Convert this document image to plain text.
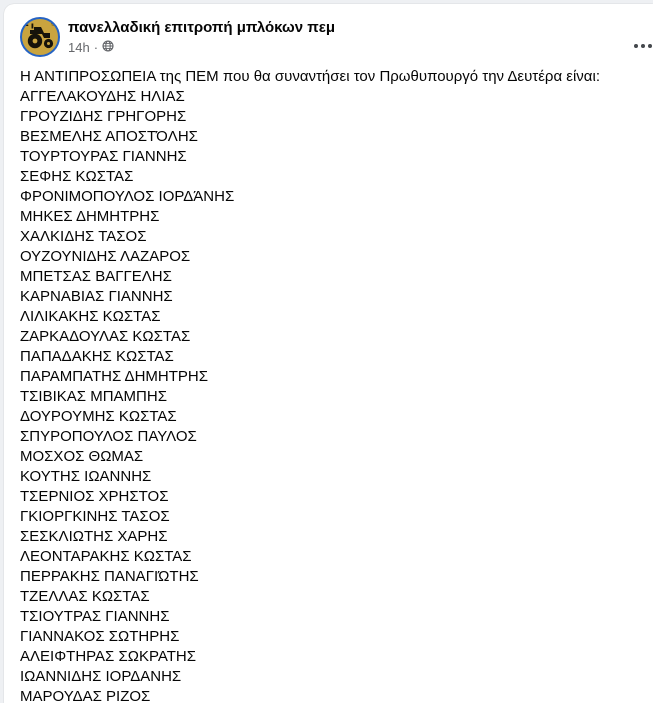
πανελλαδική επιτροπή μπλόκων πεμ
14h ·
Η ΑΝΤΙΠΡΟΣΩΠΕΙΑ της ΠΕΜ που θα συναντήσει τον Πρωθυπουργό την Δευτέρα είναι:
ΑΓΓΕΛΑΚΟΥΔΗΣ ΗΛΙΑΣ
ΓΡΟΥΖΙΔΗΣ ΓΡΗΓΟΡΗΣ
ΒΕΣΜΕΛΗΣ ΑΠΟΣΤΌΛΗΣ
ΤΟΥΡΤΟΥΡΑΣ ΓΙΑΝΝΗΣ
ΣΕΦΗΣ ΚΩΣΤΑΣ
ΦΡΟΝΙΜΟΠΟΥΛΟΣ ΙΟΡΔΆΝΗΣ
ΜΗΚΕΣ ΔΗΜΗΤΡΗΣ
ΧΑΛΚΙΔΗΣ ΤΑΣΟΣ
ΟΥΖΟΥΝΙΔΗΣ ΛΑΖΑΡΟΣ
ΜΠΕΤΣΑΣ ΒΑΓΓΕΛΗΣ
ΚΑΡΝΑΒΙΑΣ ΓΙΑΝΝΗΣ
ΛΙΛΙΚΑΚΗΣ ΚΩΣΤΑΣ
ΖΑΡΚΑΔΟΥΛΑΣ ΚΩΣΤΑΣ
ΠΑΠΑΔΑΚΗΣ ΚΩΣΤΑΣ
ΠΑΡΑΜΠΑΤΗΣ ΔΗΜΗΤΡΗΣ
ΤΣΙΒΙΚΑΣ ΜΠΑΜΠΗΣ
ΔΟΥΡΟΥΜΗΣ ΚΩΣΤΑΣ
ΣΠΥΡΟΠΟΥΛΟΣ ΠΑΥΛΟΣ
ΜΟΣΧΟΣ ΘΩΜΑΣ
ΚΟΥΤΗΣ ΙΩΑΝΝΗΣ
ΤΣΕΡΝΙΟΣ ΧΡΗΣΤΟΣ
ΓΚΙΟΡΓΚΙΝΗΣ ΤΑΣΟΣ
ΣΕΣΚΛΙΩΤΗΣ ΧΑΡΗΣ
ΛΕΟΝΤΑΡΑΚΗΣ ΚΩΣΤΑΣ
ΠΕΡΡΑΚΗΣ ΠΑΝΑΓΙΏΤΗΣ
ΤΖΕΛΛΑΣ ΚΩΣΤΑΣ
ΤΣΙΟΥΤΡΑΣ ΓΙΑΝΝΗΣ
ΓΙΑΝΝΑΚΟΣ ΣΩΤΗΡΗΣ
ΑΛΕΙΦΤΗΡΑΣ ΣΩΚΡΑΤΗΣ
ΙΩΑΝΝΙΔΗΣ ΙΟΡΔΑΝΗΣ
ΜΑΡΟΥΔΑΣ ΡΙΖΟΣ
